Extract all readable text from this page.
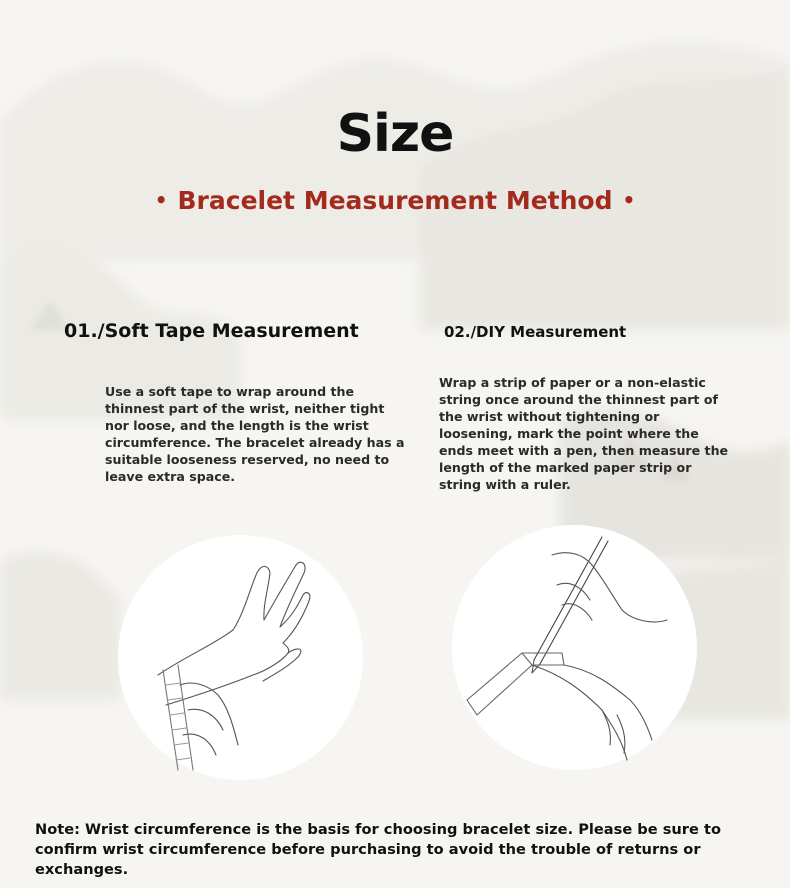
Size
• Bracelet Measurement Method •
01./Soft Tape Measurement	02./DIY Measurement
Use a soft tape to wrap around the thinnest part of the wrist, neither tight nor loose, and the length is the wrist circumference. The bracelet already has a suitable looseness reserved, no need to leave extra space.
Wrap a strip of paper or a non-elastic string once around the thinnest part of the wrist without tightening or loosening, mark the point where the ends meet with a pen, then measure the length of the marked paper strip or string with a ruler.
Note: Wrist circumference is the basis for choosing bracelet size. Please be sure to confirm wrist circumference before purchasing to avoid the trouble of returns or exchanges.
